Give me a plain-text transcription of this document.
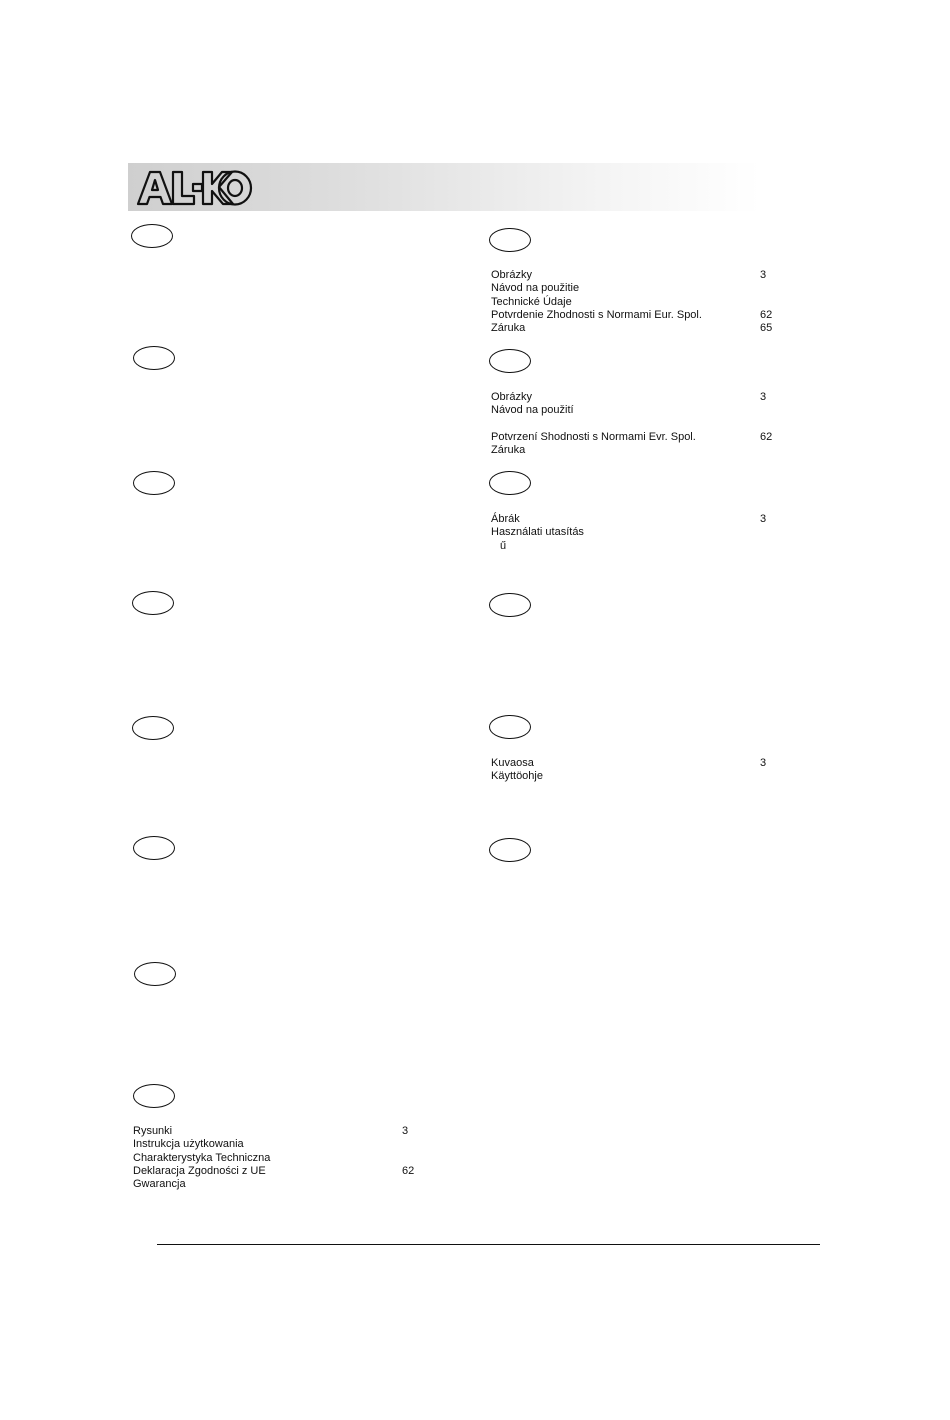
Obrázky	3
Návod na použitie
Technické Údaje
Potvrdenie Zhodnosti s Normami Eur. Spol.	62
Záruka	65
Obrázky	3
Návod na použití
Potvrzení Shodnosti s Normami Evr. Spol.	62
Záruka
Ábrák	3
Használati utasítás
ű
Kuvaosa	3
Käyttöohje
Rysunki	3
Instrukcja użytkowania
Charakterystyka Techniczna
Deklaracja Zgodności z UE	62
Gwarancja
